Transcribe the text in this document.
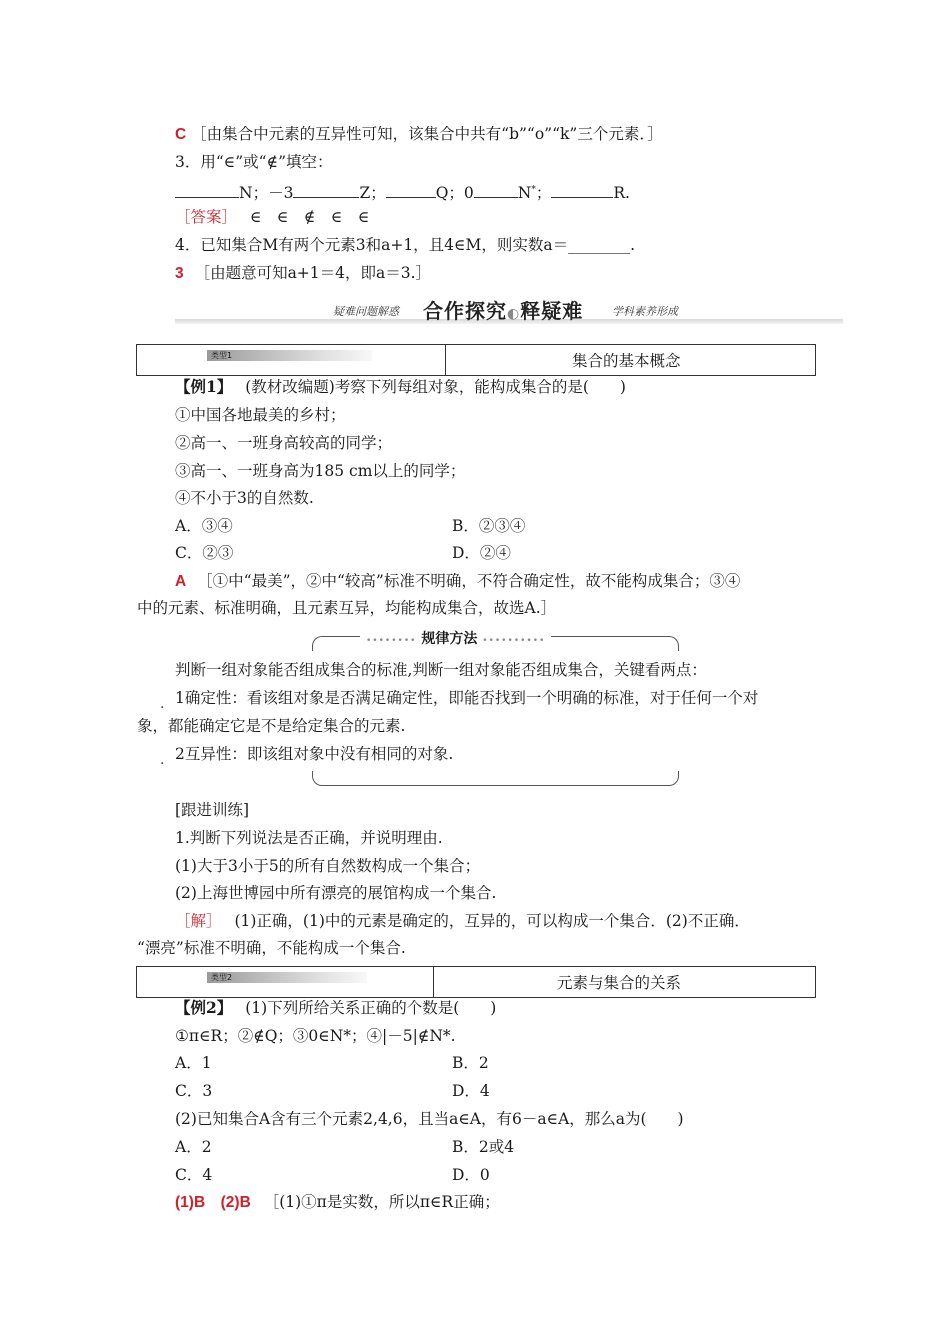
C ［由集合中元素的互异性可知，该集合中共有“b”“o”“k”三个元素．］
3．用“∈”或“∉”填空：
N；－3	Z；	Q；0	N*；	R.
［答案］ ∈　∈　∉　∈　∈
4．已知集合M有两个元素3和a+1，且4∈M，则实数a＝________.
3 ［由题意可知a+1＝4，即a＝3.］
疑难问题解惑 合作探究◐释疑难	学科素养形成
类型1	集合的基本概念
【例1】 (教材改编题)考察下列每组对象，能构成集合的是(　　)
①中国各地最美的乡村；
②高一、一班身高较高的同学；
③高一、一班身高为185 cm以上的同学；
④不小于3的自然数.
A．③④	B．②③④
C．②③	D．②④
A ［①中“最美”，②中“较高”标准不明确，不符合确定性，故不能构成集合；③④
中的元素、标准明确，且元素互异，均能构成集合，故选A.］
•••••••• 规律方法 ••••••••••
判断一组对象能否组成集合的标准,判断一组对象能否组成集合，关键看两点：
. 1确定性：看该组对象是否满足确定性，即能否找到一个明确的标准，对于任何一个对
象，都能确定它是不是给定集合的元素.
. 2互异性：即该组对象中没有相同的对象.
[跟进训练]
1.判断下列说法是否正确，并说明理由.
(1)大于3小于5的所有自然数构成一个集合；
(2)上海世博园中所有漂亮的展馆构成一个集合.
［解］ (1)正确，(1)中的元素是确定的，互异的，可以构成一个集合．(2)不正确．
“漂亮”标准不明确，不能构成一个集合.
类型2	元素与集合的关系
【例2】 (1)下列所给关系正确的个数是(　　)
①π∈R；②∉Q；③0∈N*；④|－5|∉N*.
A．1	B．2
C．3	D．4
(2)已知集合A含有三个元素2,4,6，且当a∈A，有6－a∈A，那么a为(　　)
A．2	B．2或4
C．4	D．0
(1)B　(2)B ［(1)①π是实数，所以π∈R正确；
